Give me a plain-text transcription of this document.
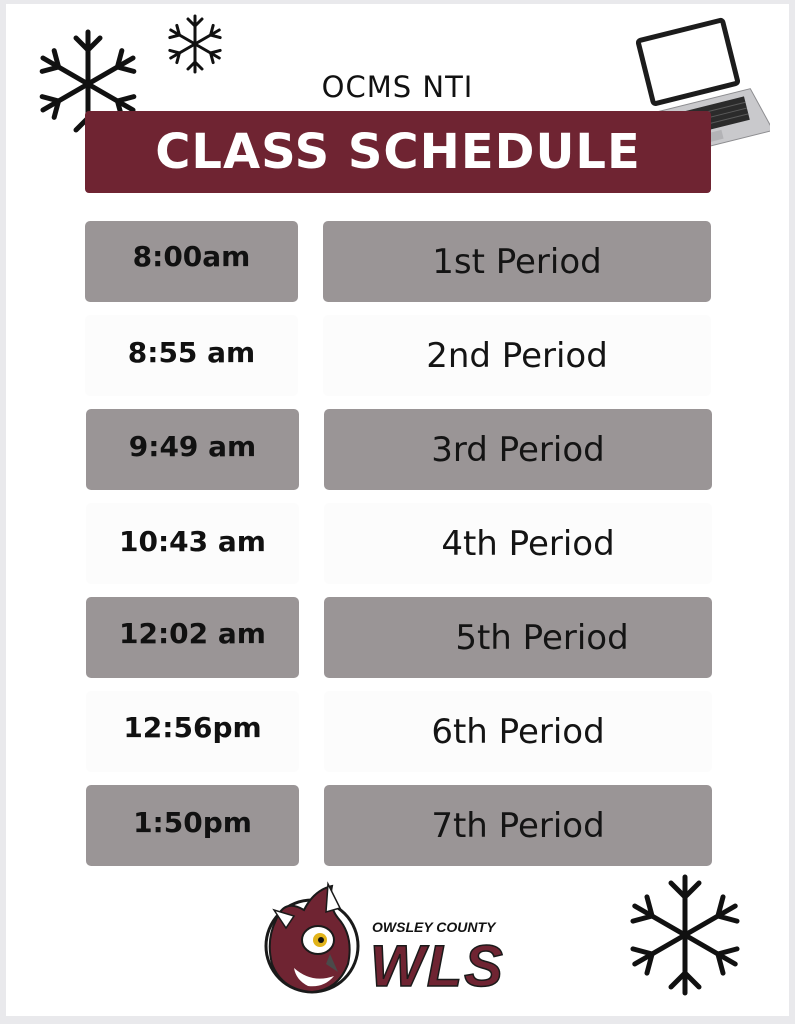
OCMS NTI
CLASS SCHEDULE
8:00am	1st Period
8:55 am	2nd Period
9:49 am	3rd Period
10:43 am	4th Period
12:02 am	5th Period
12:56pm	6th Period
1:50pm	7th Period
OWSLEY COUNTY
WLS
